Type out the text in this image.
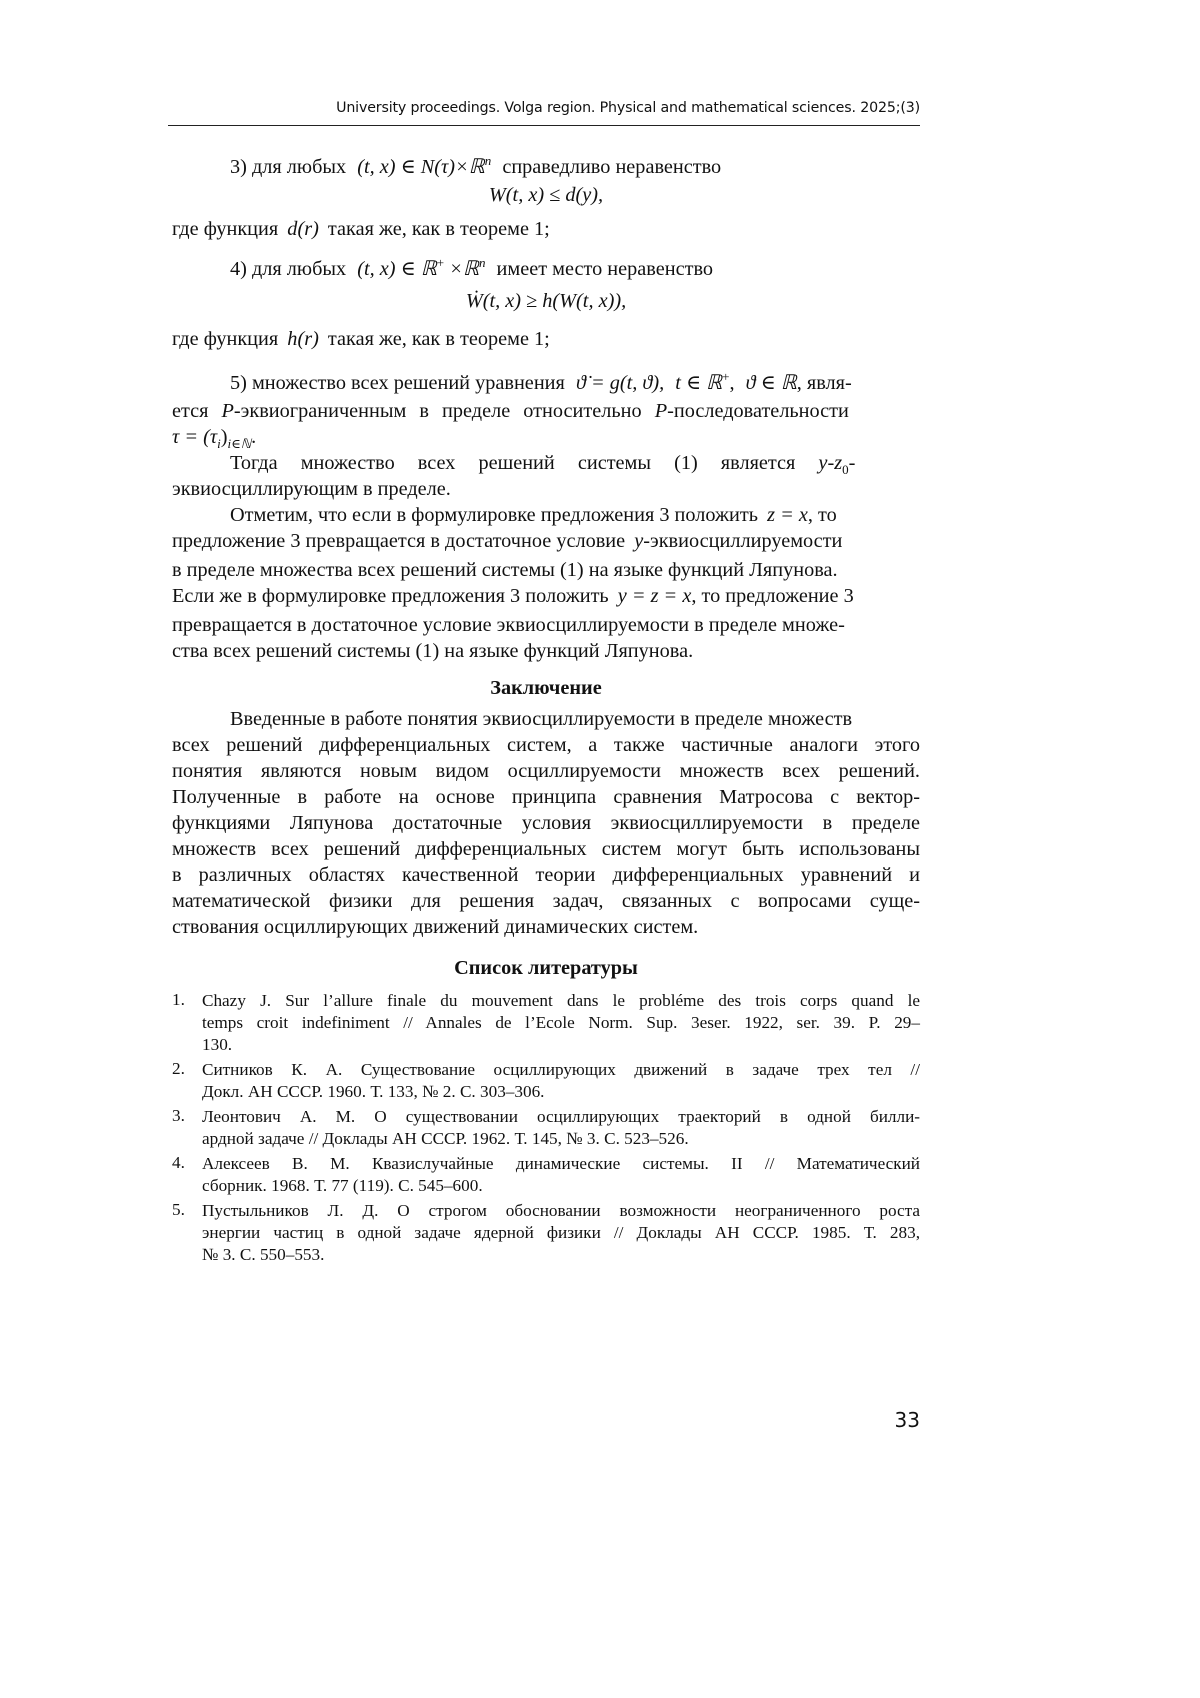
University proceedings. Volga region. Physical and mathematical sciences. 2025;(3)
3) для любых (t, x) ∈ N(τ)×ℝ$^n$ справедливо неравенство
W(t, x) ≤ d(y),
где функция d(r) такая же, как в теореме 1;
4) для любых (t, x) ∈ ℝ+ ×ℝ$^n$ имеет место неравенство
Ẇ(t, x) ≥ h(W(t, x)),
где функция h(r) такая же, как в теореме 1;
5) множество всех решений уравнения ϑ̇ = g(t, ϑ), t ∈ ℝ+, ϑ ∈ ℝ, явля-
ется P-эквиограниченным в пределе относительно P-последовательности
$\tau = (\tau_i)_{i\in ℕ}$.
Тогда множество всех решений системы (1) является $y-z_0-$
эквиосциллирующим в пределе.
Отметим, что если в формулировке предложения 3 положить z = x, то
предложение 3 превращается в достаточное условие y-эквиосциллируемости
в пределе множества всех решений системы (1) на языке функций Ляпунова.
Если же в формулировке предложения 3 положить y = z = x, то предложение 3
превращается в достаточное условие эквиосциллируемости в пределе множе-
ства всех решений системы (1) на языке функций Ляпунова.
Заключение
Введенные в работе понятия эквиосциллируемости в пределе множеств
всех решений дифференциальных систем, а также частичные аналоги этого
понятия являются новым видом осциллируемости множеств всех решений.
Полученные в работе на основе принципа сравнения Матросова с вектор-
функциями Ляпунова достаточные условия эквиосциллируемости в пределе
множеств всех решений дифференциальных систем могут быть использованы
в различных областях качественной теории дифференциальных уравнений и
математической физики для решения задач, связанных с вопросами суще-
ствования осциллирующих движений динамических систем.
Список литературы
1. Chazy J. Sur l’allure finale du mouvement dans le probléme des trois corps quand le
temps croit indefiniment // Annales de l’Ecole Norm. Sup. 3eser. 1922, ser. 39. P. 29–
130.
2. Ситников К. А. Существование осциллирующих движений в задаче трех тел //
Докл. АН СССР. 1960. Т. 133, № 2. С. 303–306.
3. Леонтович А. М. О существовании осциллирующих траекторий в одной билли-
ардной задаче // Доклады АН СССР. 1962. Т. 145, № 3. С. 523–526.
4. Алексеев В. М. Квазислучайные динамические системы. II // Математический
сборник. 1968. Т. 77 (119). С. 545–600.
5. Пустыльников Л. Д. О строгом обосновании возможности неограниченного роста
энергии частиц в одной задаче ядерной физики // Доклады АН СССР. 1985. Т. 283,
№ 3. С. 550–553.
33
